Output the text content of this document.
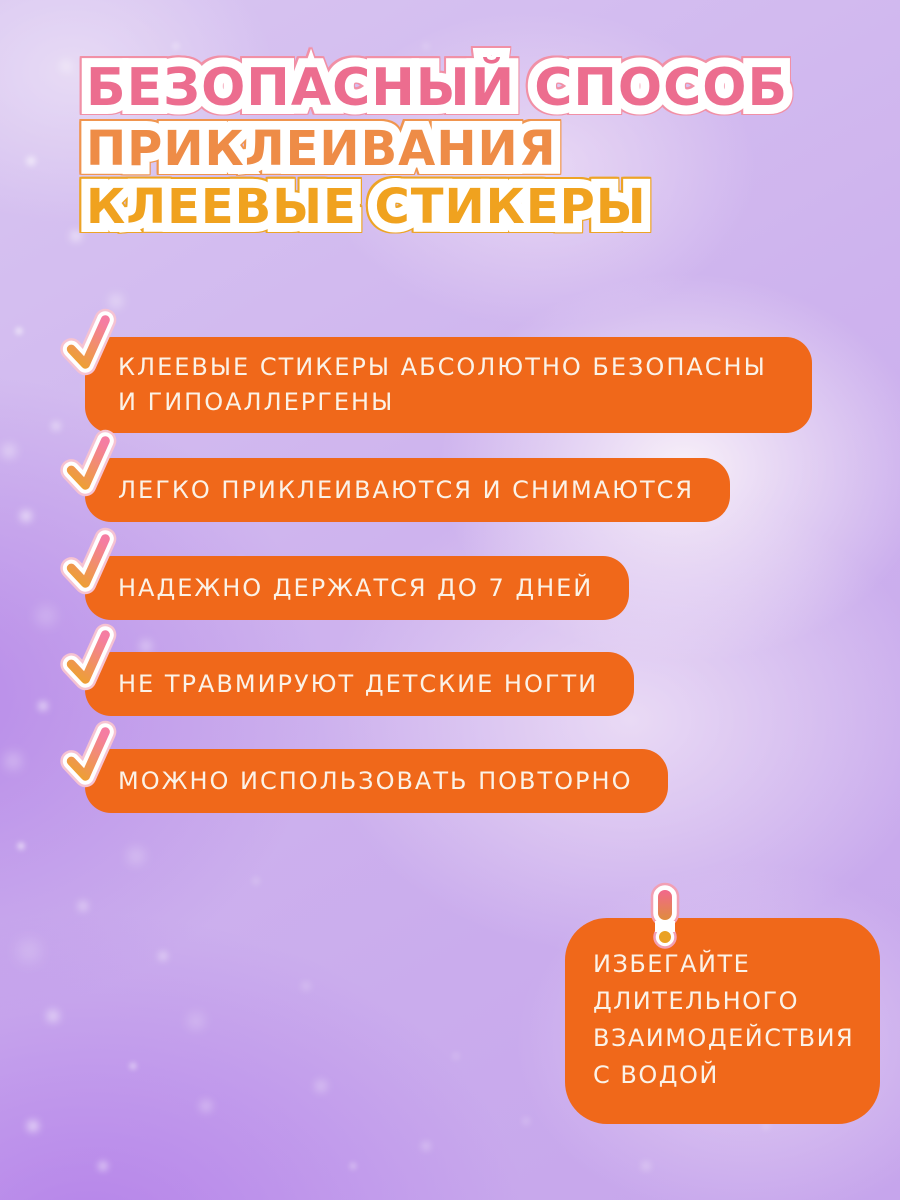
БЕЗОПАСНЫЙ СПОСОБ БЕЗОПАСНЫЙ СПОСОБ
ПРИКЛЕИВАНИЯ ПРИКЛЕИВАНИЯ
КЛЕЕВЫЕ СТИКЕРЫ КЛЕЕВЫЕ СТИКЕРЫ
КЛЕЕВЫЕ СТИКЕРЫ АБСОЛЮТНО БЕЗОПАСНЫ И ГИПОАЛЛЕРГЕНЫ
ЛЕГКО ПРИКЛЕИВАЮТСЯ И СНИМАЮТСЯ
НАДЕЖНО ДЕРЖАТСЯ ДО 7 ДНЕЙ
НЕ ТРАВМИРУЮТ ДЕТСКИЕ НОГТИ
МОЖНО ИСПОЛЬЗОВАТЬ ПОВТОРНО
ИЗБЕГАЙТЕ ДЛИТЕЛЬНОГО ВЗАИМОДЕЙСТВИЯ С ВОДОЙ
